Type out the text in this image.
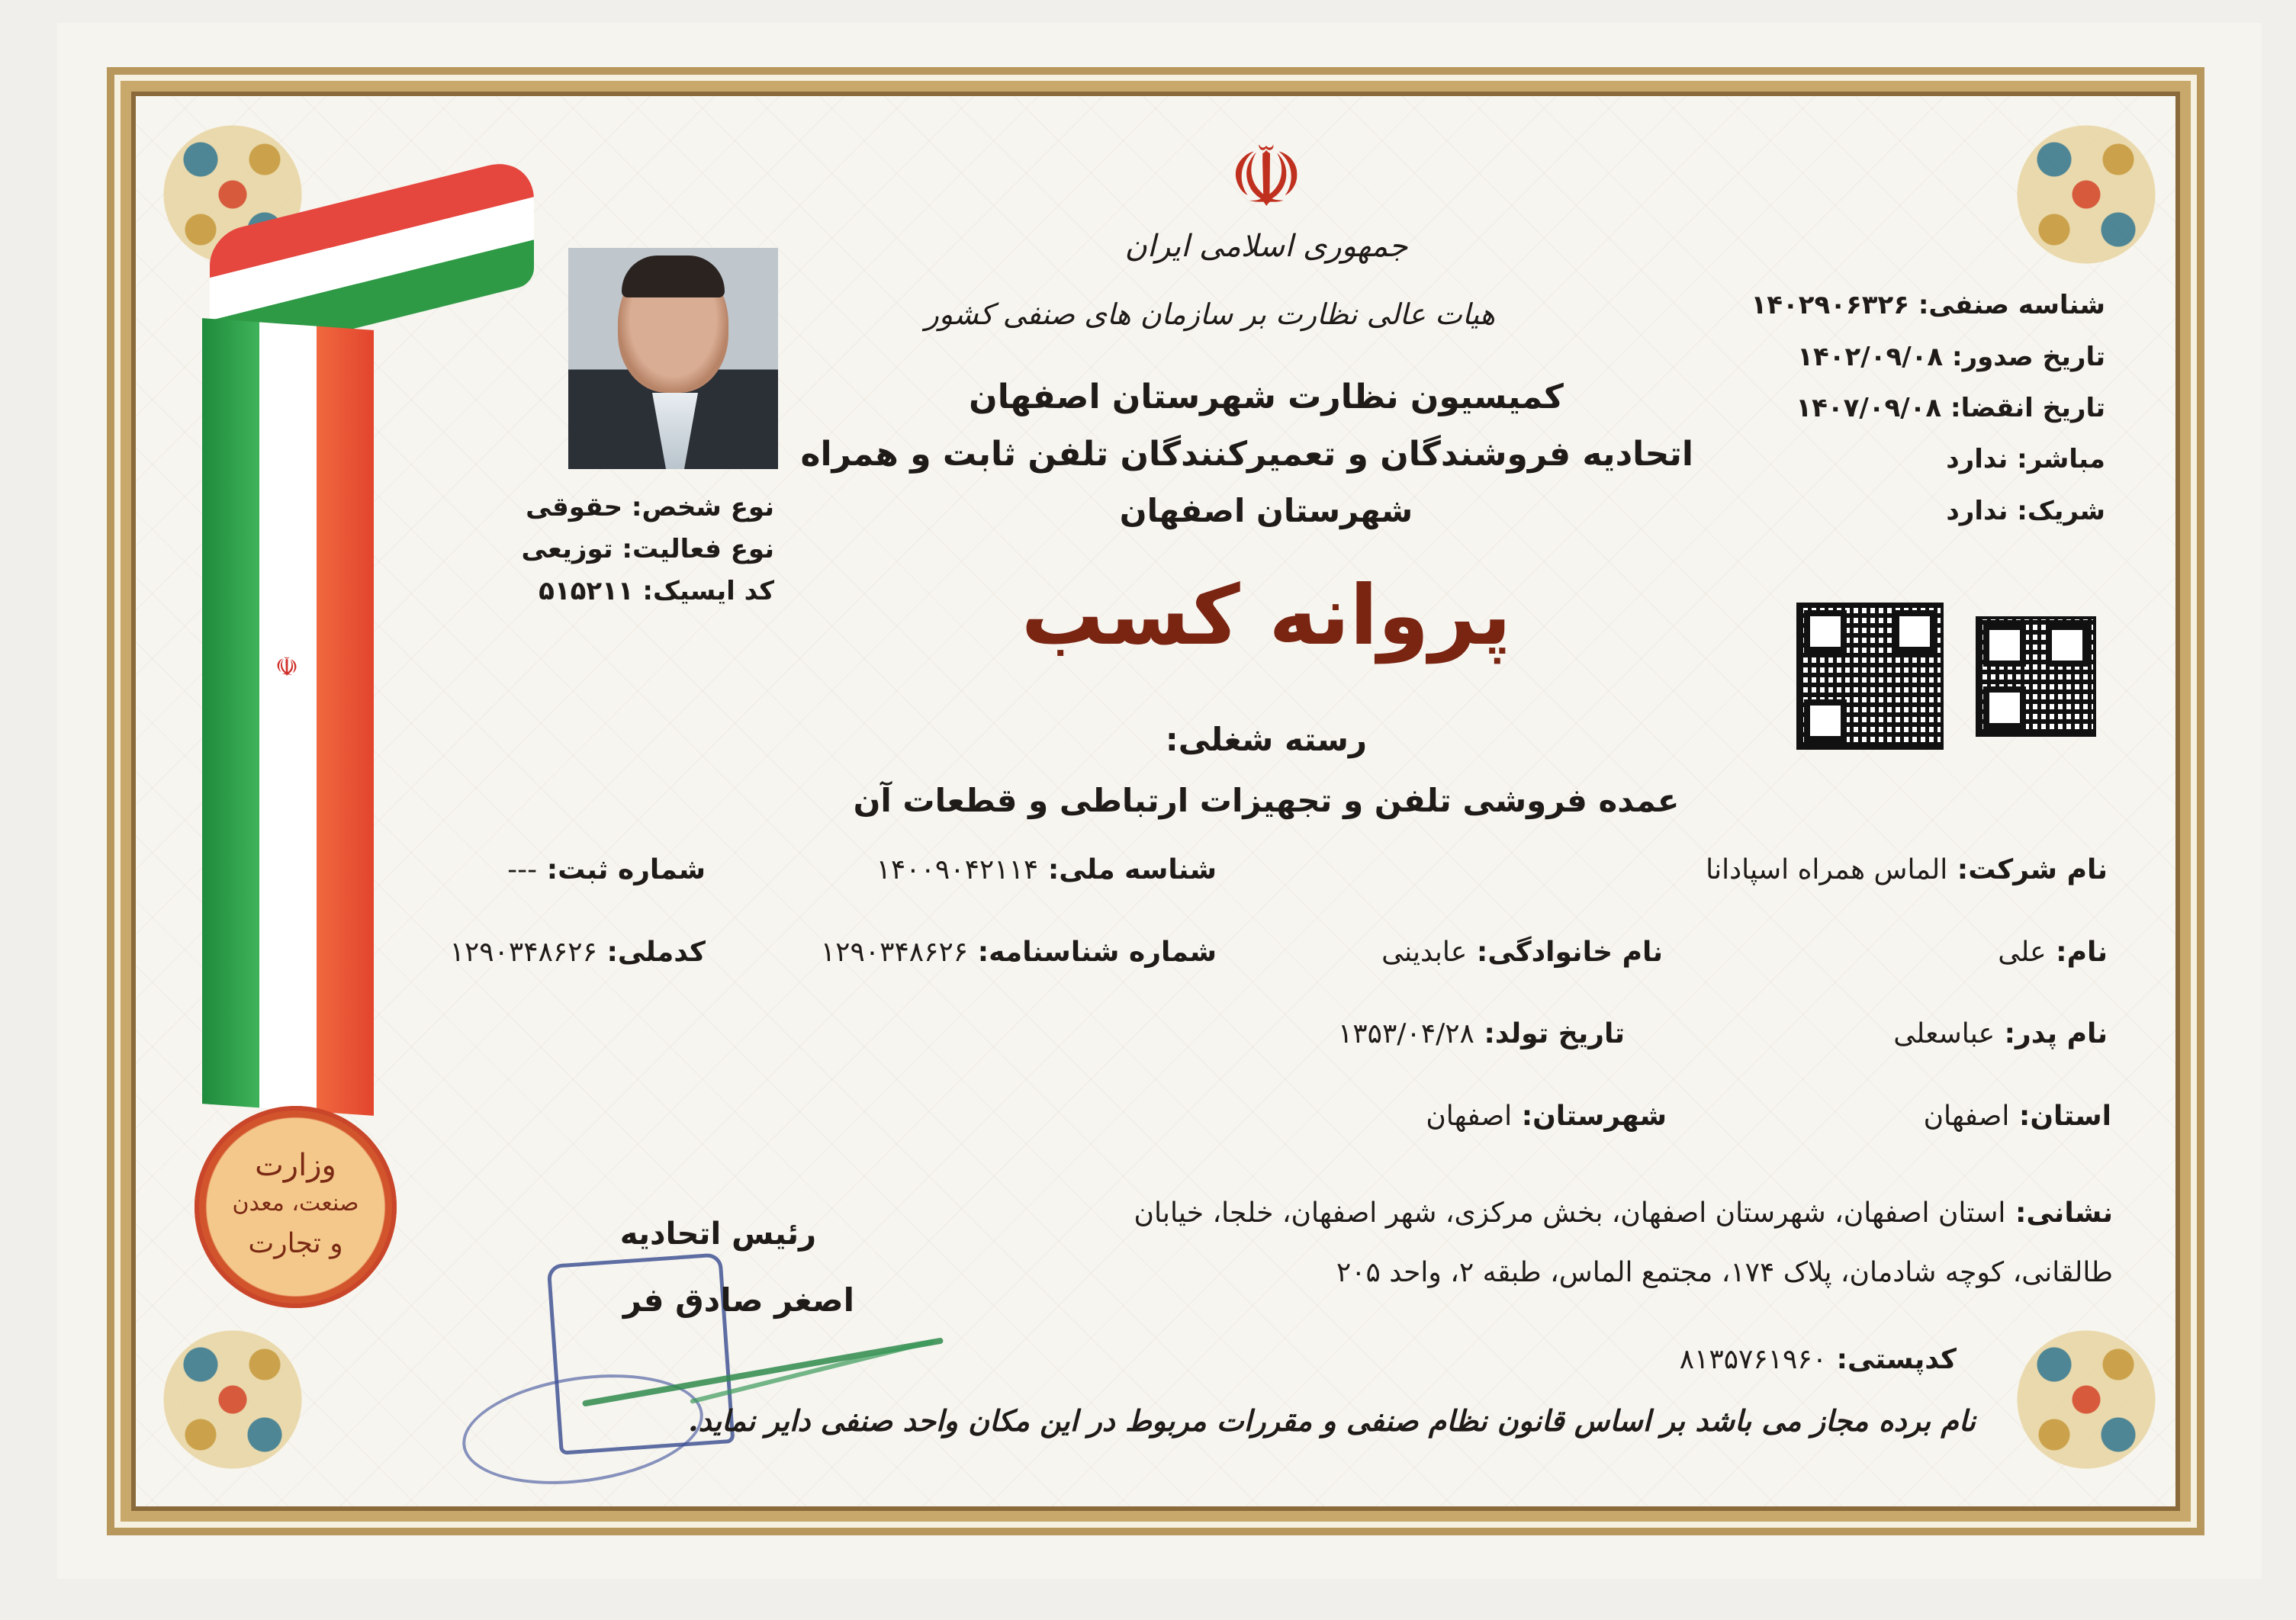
☫
وزارت
صنعت، معدن
و تجارت
☫
جمهوری اسلامی ایران
هیات عالی نظارت بر سازمان های صنفی کشور
کمیسیون نظارت شهرستان اصفهان
اتحادیه فروشندگان و تعمیرکنندگان تلفن ثابت و همراه
شهرستان اصفهان
پروانه کسب
نوع شخص: حقوقی
نوع فعالیت: توزیعی
کد ایسیک: ۵۱۵۲۱۱
شناسه صنفی: ۱۴۰۲۹۰۶۳۲۶
تاریخ صدور: ۱۴۰۲/۰۹/۰۸
تاریخ انقضا: ۱۴۰۷/۰۹/۰۸
مباشر: ندارد
شریک: ندارد
رسته شغلی:
عمده فروشی تلفن و تجهیزات ارتباطی و قطعات آن
نام شرکت: الماس همراه اسپادانا
شناسه ملی: ۱۴۰۰۹۰۴۲۱۱۴
شماره ثبت: ---
نام: علی
نام خانوادگی: عابدینی
شماره شناسنامه: ۱۲۹۰۳۴۸۶۲۶
کدملی: ۱۲۹۰۳۴۸۶۲۶
نام پدر: عباسعلی
تاریخ تولد: ۱۳۵۳/۰۴/۲۸
استان: اصفهان
شهرستان: اصفهان
نشانی: استان اصفهان، شهرستان اصفهان، بخش مرکزی، شهر اصفهان، خلجا، خیابان
طالقانی، کوچه شادمان، پلاک ۱۷۴، مجتمع الماس، طبقه ۲، واحد ۲۰۵
کدپستی: ۸۱۳۵۷۶۱۹۶۰
رئیس اتحادیه
اصغر صادق فر
نام برده مجاز می باشد بر اساس قانون نظام صنفی و مقررات مربوط در این مکان واحد صنفی دایر نماید.
